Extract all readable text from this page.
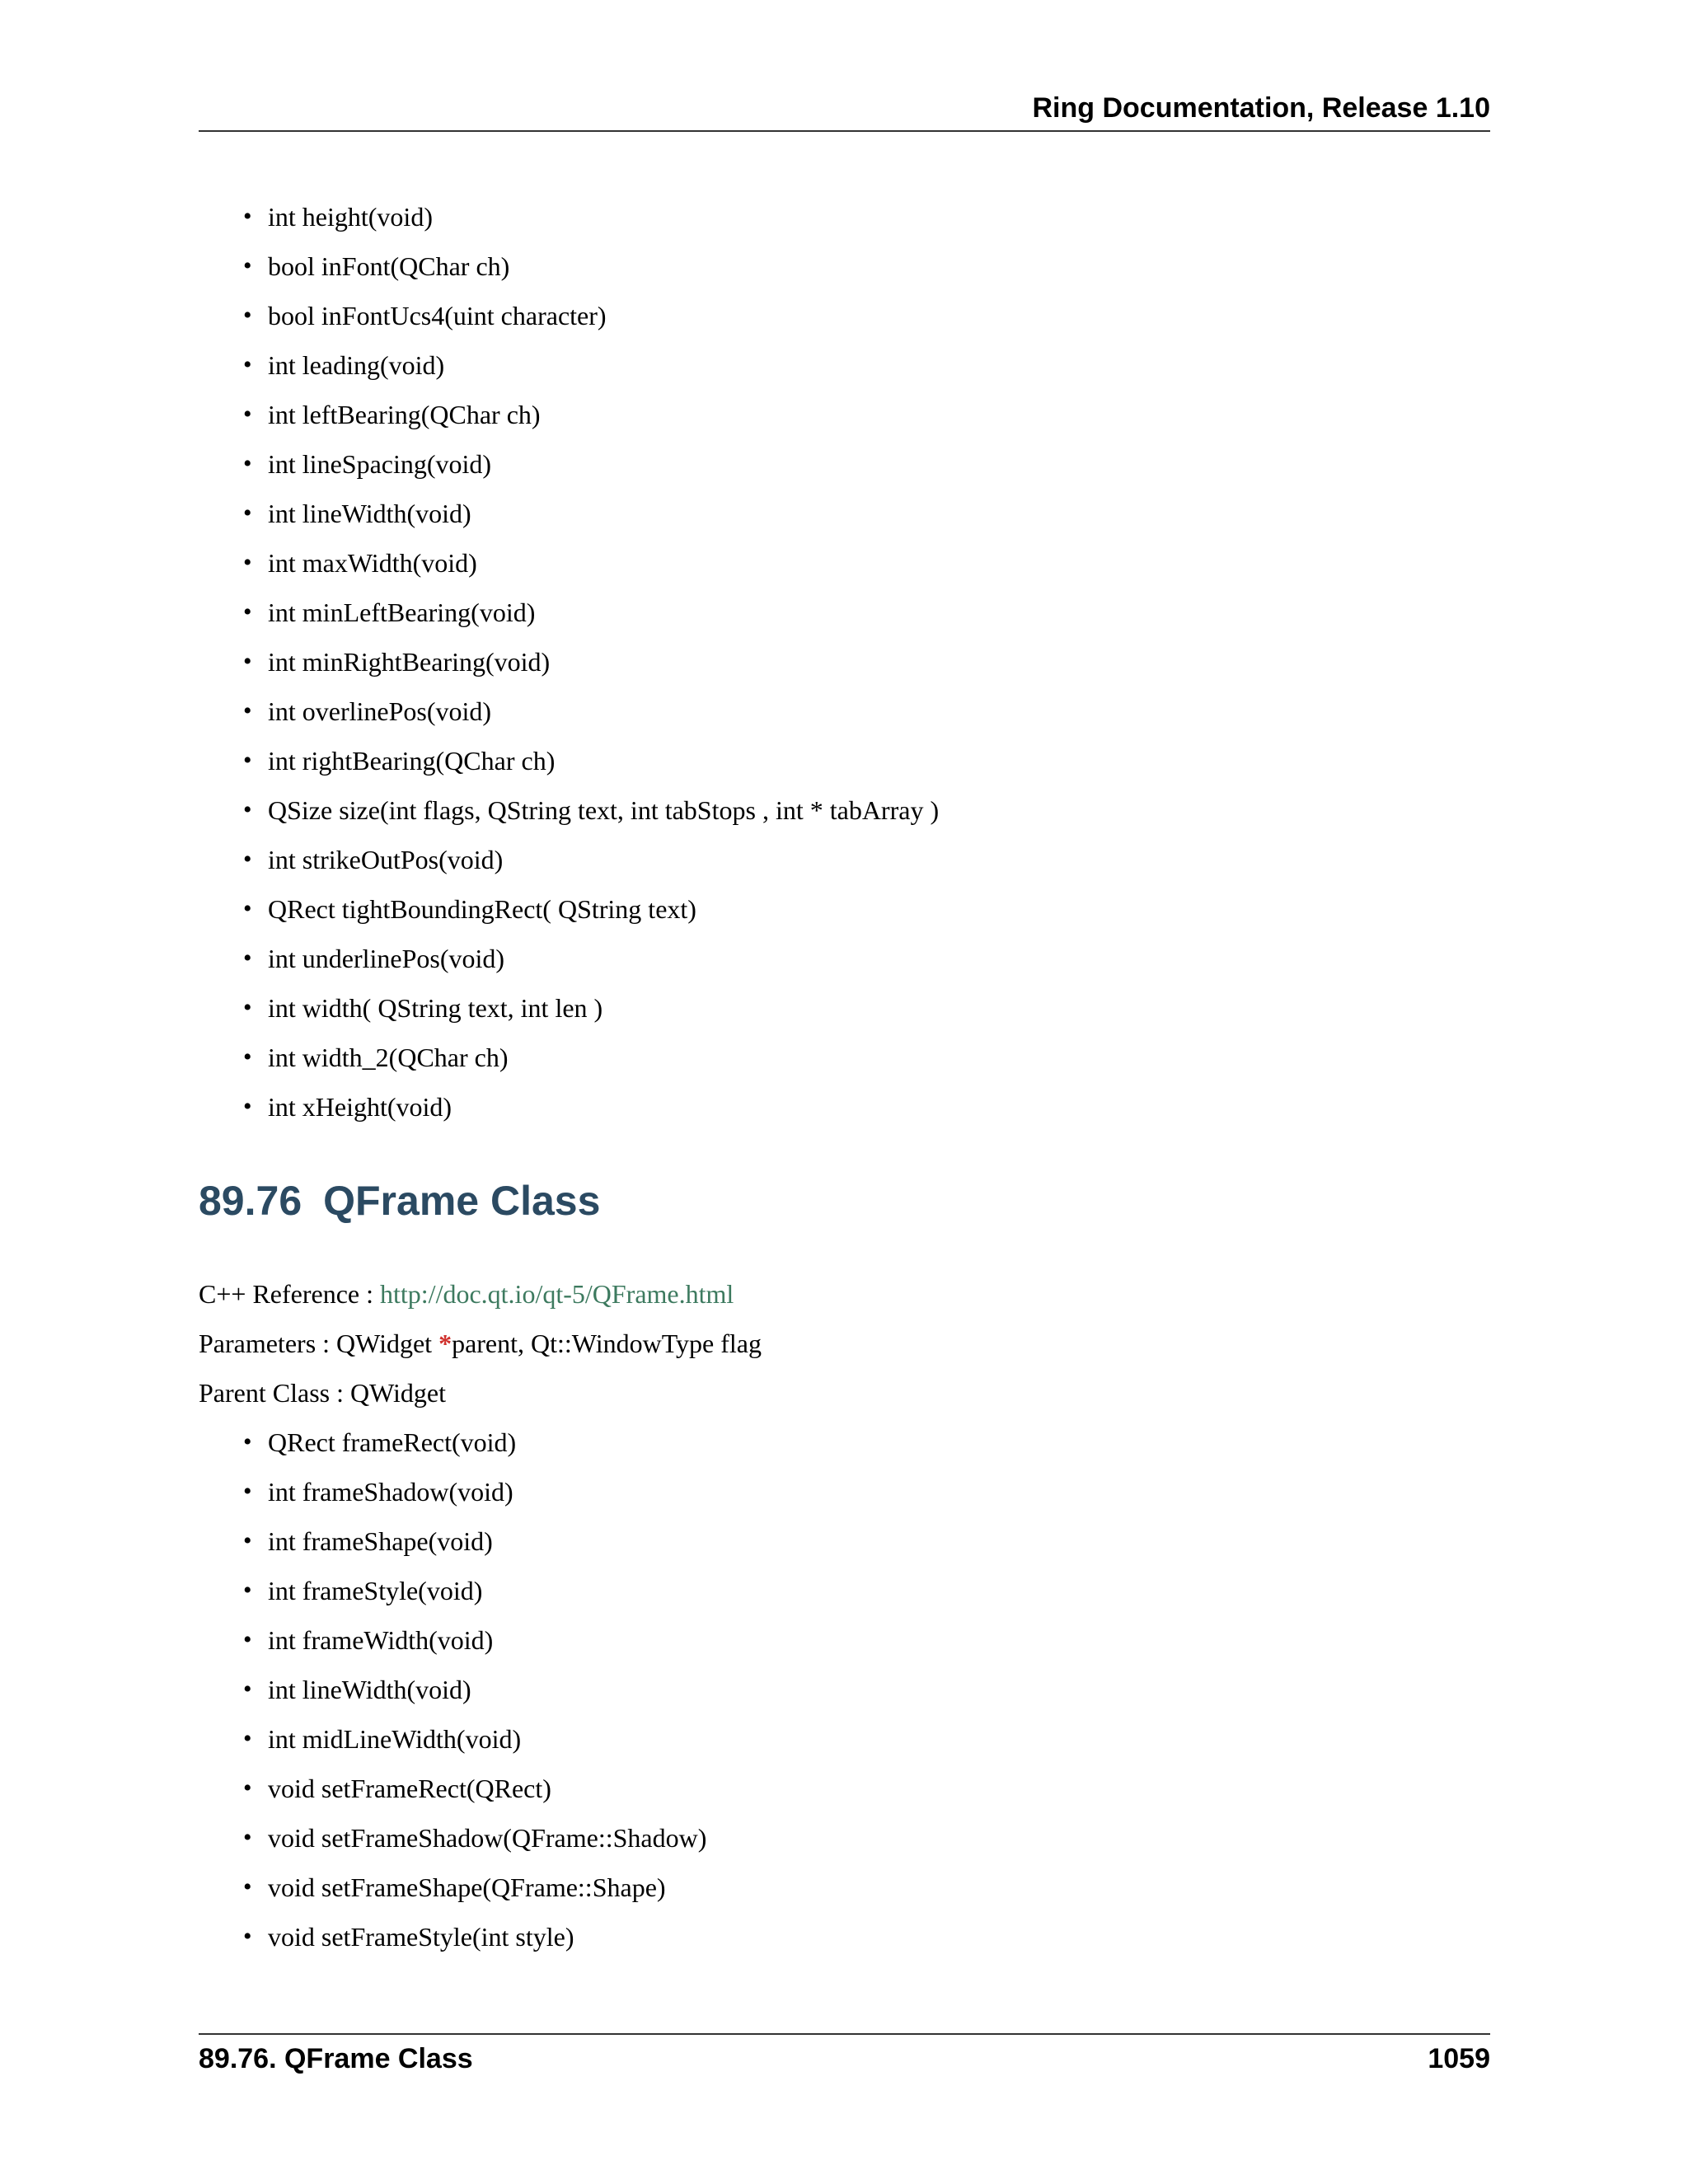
Ring Documentation, Release 1.10
• int height(void)
• bool inFont(QChar ch)
• bool inFontUcs4(uint character)
• int leading(void)
• int leftBearing(QChar ch)
• int lineSpacing(void)
• int lineWidth(void)
• int maxWidth(void)
• int minLeftBearing(void)
• int minRightBearing(void)
• int overlinePos(void)
• int rightBearing(QChar ch)
• QSize size(int flags, QString text, int tabStops , int * tabArray )
• int strikeOutPos(void)
• QRect tightBoundingRect( QString text)
• int underlinePos(void)
• int width( QString text, int len )
• int width_2(QChar ch)
• int xHeight(void)
89.76 QFrame Class
C++ Reference : http://doc.qt.io/qt-5/QFrame.html
Parameters : QWidget *parent, Qt::WindowType flag
Parent Class : QWidget
• QRect frameRect(void)
• int frameShadow(void)
• int frameShape(void)
• int frameStyle(void)
• int frameWidth(void)
• int lineWidth(void)
• int midLineWidth(void)
• void setFrameRect(QRect)
• void setFrameShadow(QFrame::Shadow)
• void setFrameShape(QFrame::Shape)
• void setFrameStyle(int style)
89.76. QFrame Class	1059
